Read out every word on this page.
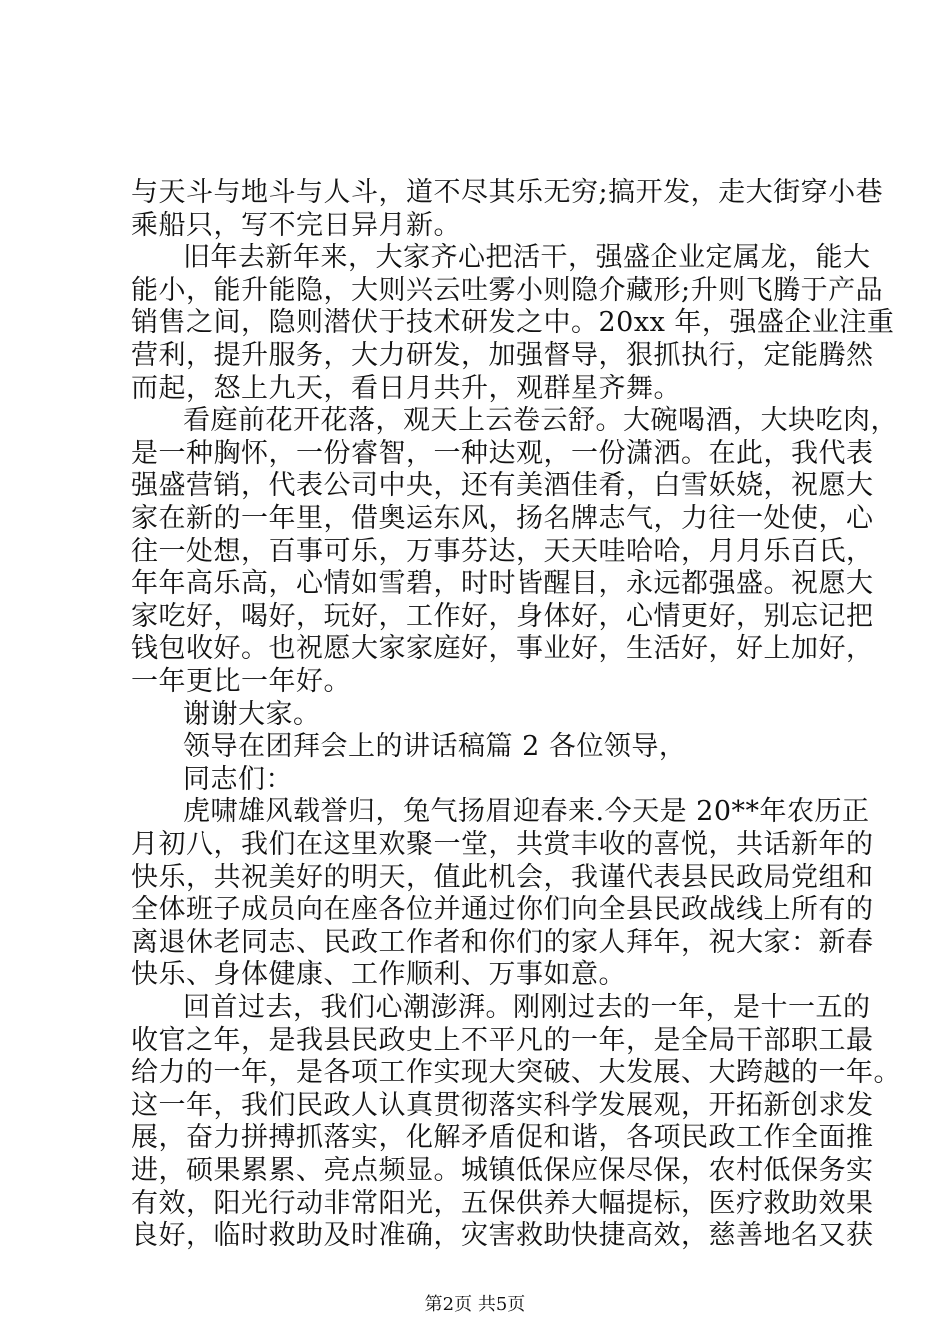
与天斗与地斗与人斗，道不尽其乐无穷;搞开发，走大街穿小巷
乘船只，写不完日异月新。
旧年去新年来，大家齐心把活干，强盛企业定属龙，能大
能小，能升能隐，大则兴云吐雾小则隐介藏形;升则飞腾于产品
销售之间，隐则潜伏于技术研发之中。20xx 年，强盛企业注重
营利，提升服务，大力研发，加强督导，狠抓执行，定能腾然
而起，怒上九天，看日月共升，观群星齐舞。
看庭前花开花落，观天上云卷云舒。大碗喝酒，大块吃肉，
是一种胸怀，一份睿智，一种达观，一份潇洒。在此，我代表
强盛营销，代表公司中央，还有美酒佳肴，白雪妖娆，祝愿大
家在新的一年里，借奥运东风，扬名牌志气，力往一处使，心
往一处想，百事可乐，万事芬达，天天哇哈哈，月月乐百氏，
年年高乐高，心情如雪碧，时时皆醒目，永远都强盛。祝愿大
家吃好，喝好，玩好，工作好，身体好，心情更好，别忘记把
钱包收好。也祝愿大家家庭好，事业好，生活好，好上加好，
一年更比一年好。
谢谢大家。
领导在团拜会上的讲话稿篇 2 各位领导，
同志们：
虎啸雄风载誉归，兔气扬眉迎春来.今天是 20**年农历正
月初八，我们在这里欢聚一堂，共赏丰收的喜悦，共话新年的
快乐，共祝美好的明天，值此机会，我谨代表县民政局党组和
全体班子成员向在座各位并通过你们向全县民政战线上所有的
离退休老同志、民政工作者和你们的家人拜年，祝大家：新春
快乐、身体健康、工作顺利、万事如意。
回首过去，我们心潮澎湃。刚刚过去的一年，是十一五的
收官之年，是我县民政史上不平凡的一年，是全局干部职工最
给力的一年，是各项工作实现大突破、大发展、大跨越的一年。
这一年，我们民政人认真贯彻落实科学发展观，开拓新创求发
展，奋力拼搏抓落实，化解矛盾促和谐，各项民政工作全面推
进，硕果累累、亮点频显。城镇低保应保尽保，农村低保务实
有效，阳光行动非常阳光，五保供养大幅提标，医疗救助效果
良好，临时救助及时准确，灾害救助快捷高效，慈善地名又获
第2页 共5页
